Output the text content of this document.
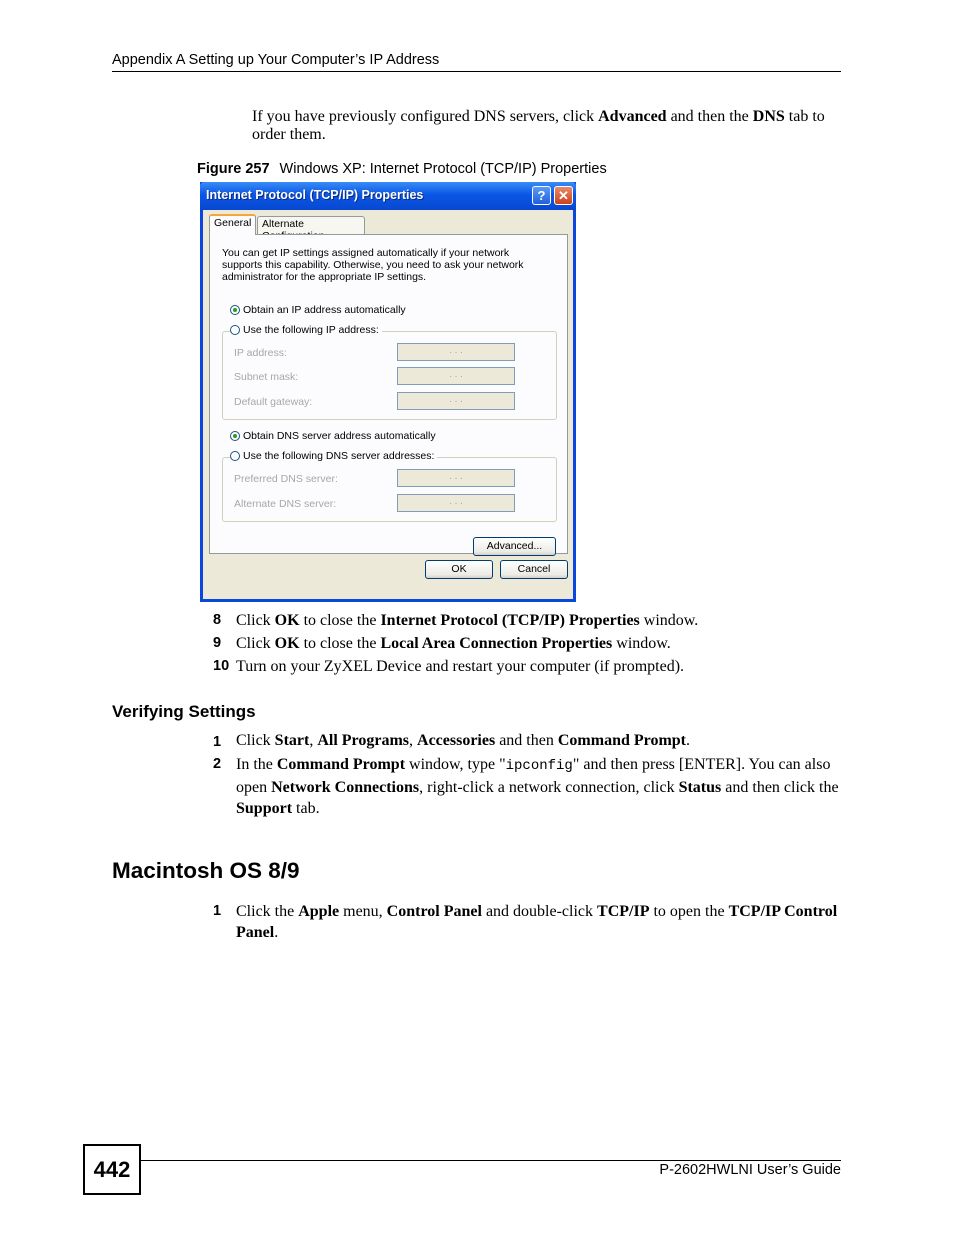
Appendix A Setting up Your Computer’s IP Address
If you have previously configured DNS servers, click Advanced and then the DNS tab to order them.
Figure 257 Windows XP: Internet Protocol (TCP/IP) Properties
Internet Protocol (TCP/IP) Properties	? ✕
General	Alternate
You can get IP settings assigned automatically if your network supports this capability. Otherwise, you need to ask your network administrator for the appropriate IP settings.
Obtain an IP address automatically
Use the following IP address:
IP address:	. . .
Subnet mask:	. . .
Default gateway:	. . .
Obtain DNS server address automatically
Use the following DNS server addresses:
Preferred DNS server:	. . .
Alternate DNS server:	. . .
Advanced...
OK	Cancel
8 Click OK to close the Internet Protocol (TCP/IP) Properties window.
9 Click OK to close the Local Area Connection Properties window.
10 Turn on your ZyXEL Device and restart your computer (if prompted).
Verifying Settings
1 Click Start, All Programs, Accessories and then Command Prompt.
2 In the Command Prompt window, type "ipconfig" and then press [ENTER]. You can also open Network Connections, right-click a network connection, click Status and then click the Support tab.
Macintosh OS 8/9
1 Click the Apple menu, Control Panel and double-click TCP/IP to open the TCP/IP Control Panel.
442	P-2602HWLNI User’s Guide
